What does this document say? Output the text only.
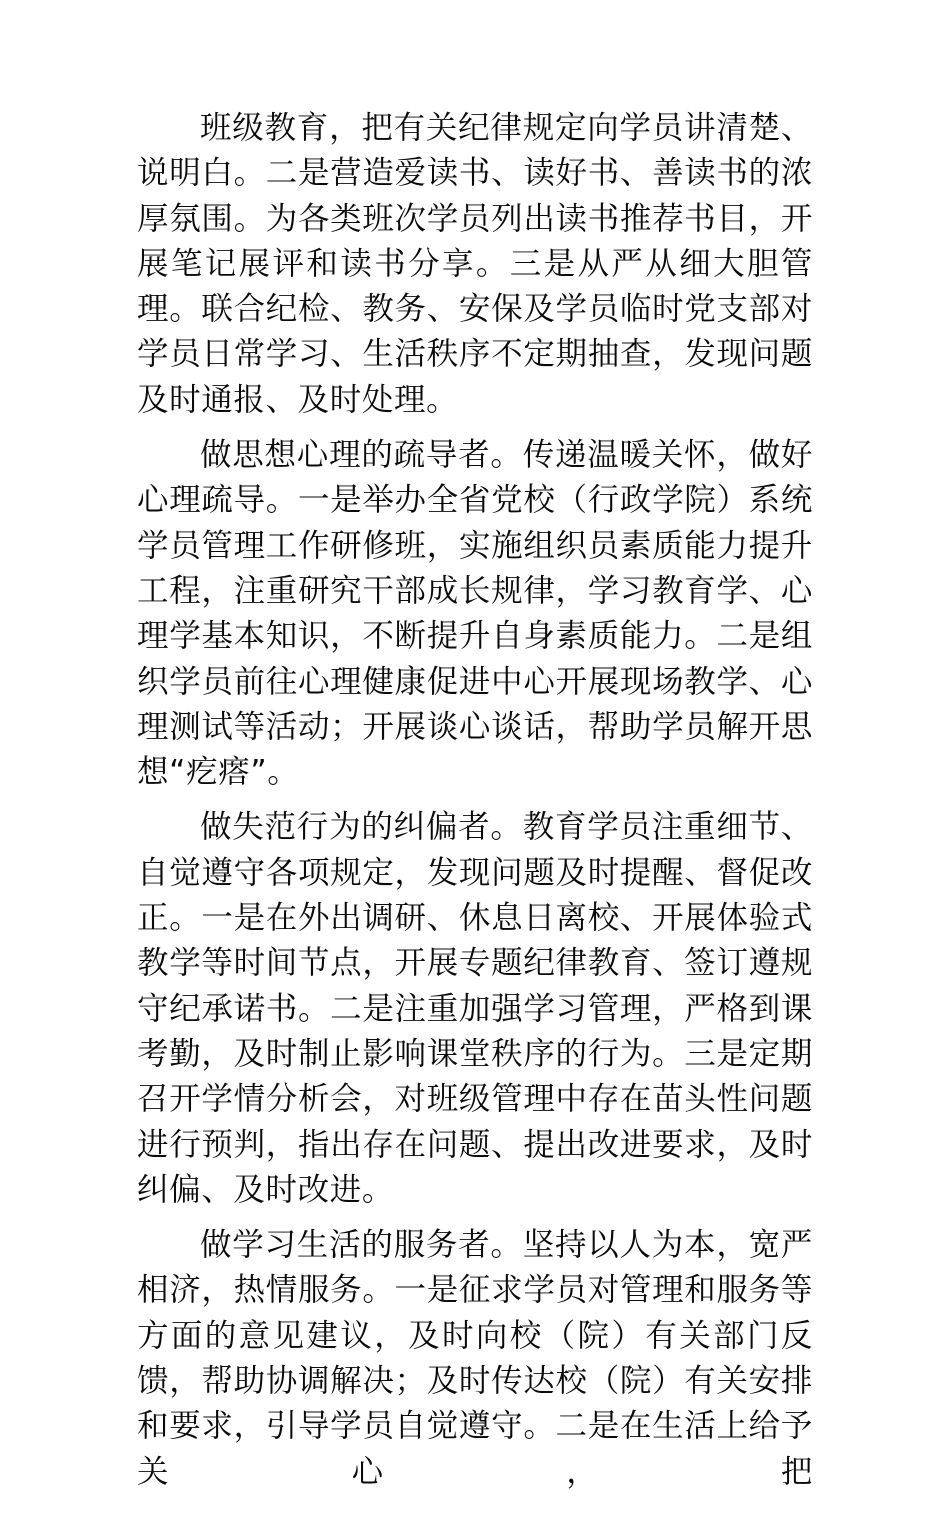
班级教育，把有关纪律规定向学员讲清楚、说明白。二是营造爱读书、读好书、善读书的浓厚氛围。为各类班次学员列出读书推荐书目，开展笔记展评和读书分享。三是从严从细大胆管理。联合纪检、教务、安保及学员临时党支部对学员日常学习、生活秩序不定期抽查，发现问题及时通报、及时处理。

做思想心理的疏导者。传递温暖关怀，做好心理疏导。一是举办全省党校（行政学院）系统学员管理工作研修班，实施组织员素质能力提升工程，注重研究干部成长规律，学习教育学、心理学基本知识，不断提升自身素质能力。二是组织学员前往心理健康促进中心开展现场教学、心理测试等活动；开展谈心谈话，帮助学员解开思想“疙瘩”。

做失范行为的纠偏者。教育学员注重细节、自觉遵守各项规定，发现问题及时提醒、督促改正。一是在外出调研、休息日离校、开展体验式教学等时间节点，开展专题纪律教育、签订遵规守纪承诺书。二是注重加强学习管理，严格到课考勤，及时制止影响课堂秩序的行为。三是定期召开学情分析会，对班级管理中存在苗头性问题进行预判，指出存在问题、提出改进要求，及时纠偏、及时改进。

做学习生活的服务者。坚持以人为本，宽严相济，热情服务。一是征求学员对管理和服务等方面的意见建议，及时向校（院）有关部门反馈，帮助协调解决；及时传达校（院）有关安排和要求，引导学员自觉遵守。二是在生活上给予关心，把
